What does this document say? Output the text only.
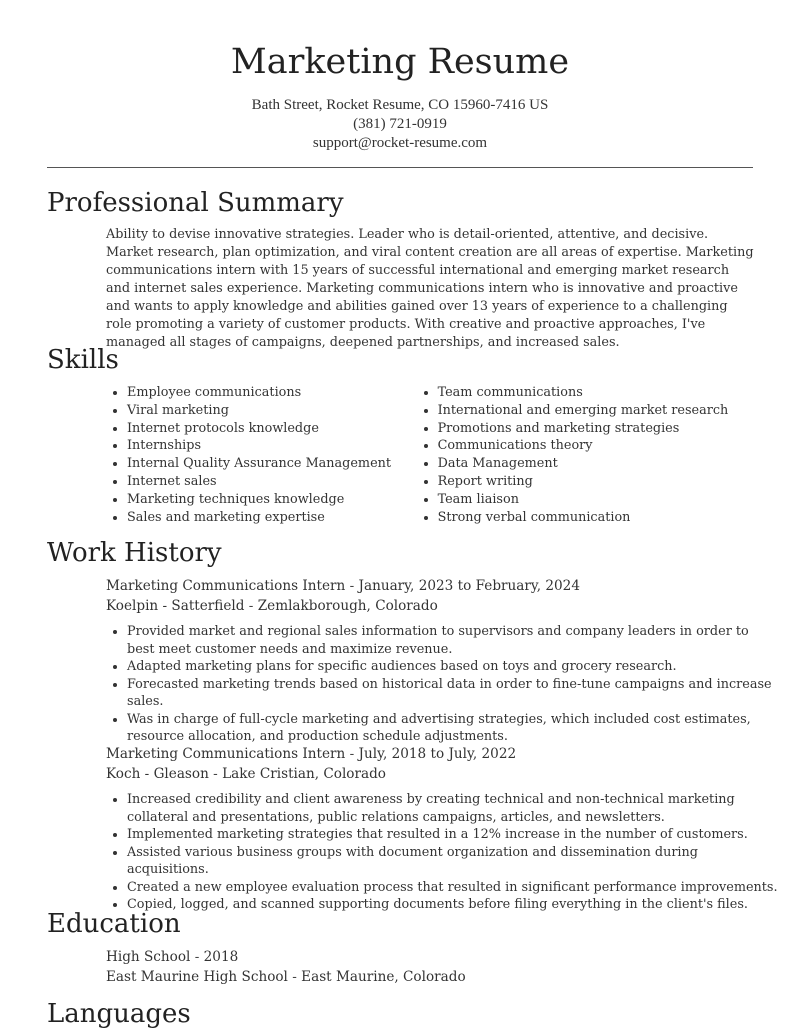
Marketing Resume
Bath Street, Rocket Resume, CO 15960-7416 US
(381) 721-0919
support@rocket-resume.com
Professional Summary

Ability to devise innovative strategies. Leader who is detail-oriented, attentive, and decisive. Market research, plan optimization, and viral content creation are all areas of expertise. Marketing communications intern with 15 years of successful international and emerging market research and internet sales experience. Marketing communications intern who is innovative and proactive and wants to apply knowledge and abilities gained over 13 years of experience to a challenging role promoting a variety of customer products. With creative and proactive approaches, I've managed all stages of campaigns, deepened partnerships, and increased sales.

Skills
• Employee communications
• Viral marketing
• Internet protocols knowledge
• Internships
• Internal Quality Assurance Management
• Internet sales
• Marketing techniques knowledge
• Sales and marketing expertise
• Team communications
• International and emerging market research
• Promotions and marketing strategies
• Communications theory
• Data Management
• Report writing
• Team liaison
• Strong verbal communication
Work History
Marketing Communications Intern - January, 2023 to February, 2024
Koelpin - Satterfield - Zemlakborough, Colorado
• Provided market and regional sales information to supervisors and company leaders in order to best meet customer needs and maximize revenue.
• Adapted marketing plans for specific audiences based on toys and grocery research.
• Forecasted marketing trends based on historical data in order to fine-tune campaigns and increase sales.
• Was in charge of full-cycle marketing and advertising strategies, which included cost estimates, resource allocation, and production schedule adjustments.
Marketing Communications Intern - July, 2018 to July, 2022
Koch - Gleason - Lake Cristian, Colorado
• Increased credibility and client awareness by creating technical and non-technical marketing collateral and presentations, public relations campaigns, articles, and newsletters.
• Implemented marketing strategies that resulted in a 12% increase in the number of customers.
• Assisted various business groups with document organization and dissemination during acquisitions.
• Created a new employee evaluation process that resulted in significant performance improvements.
• Copied, logged, and scanned supporting documents before filing everything in the client's files.
Education
High School - 2018
East Maurine High School - East Maurine, Colorado
Languages
